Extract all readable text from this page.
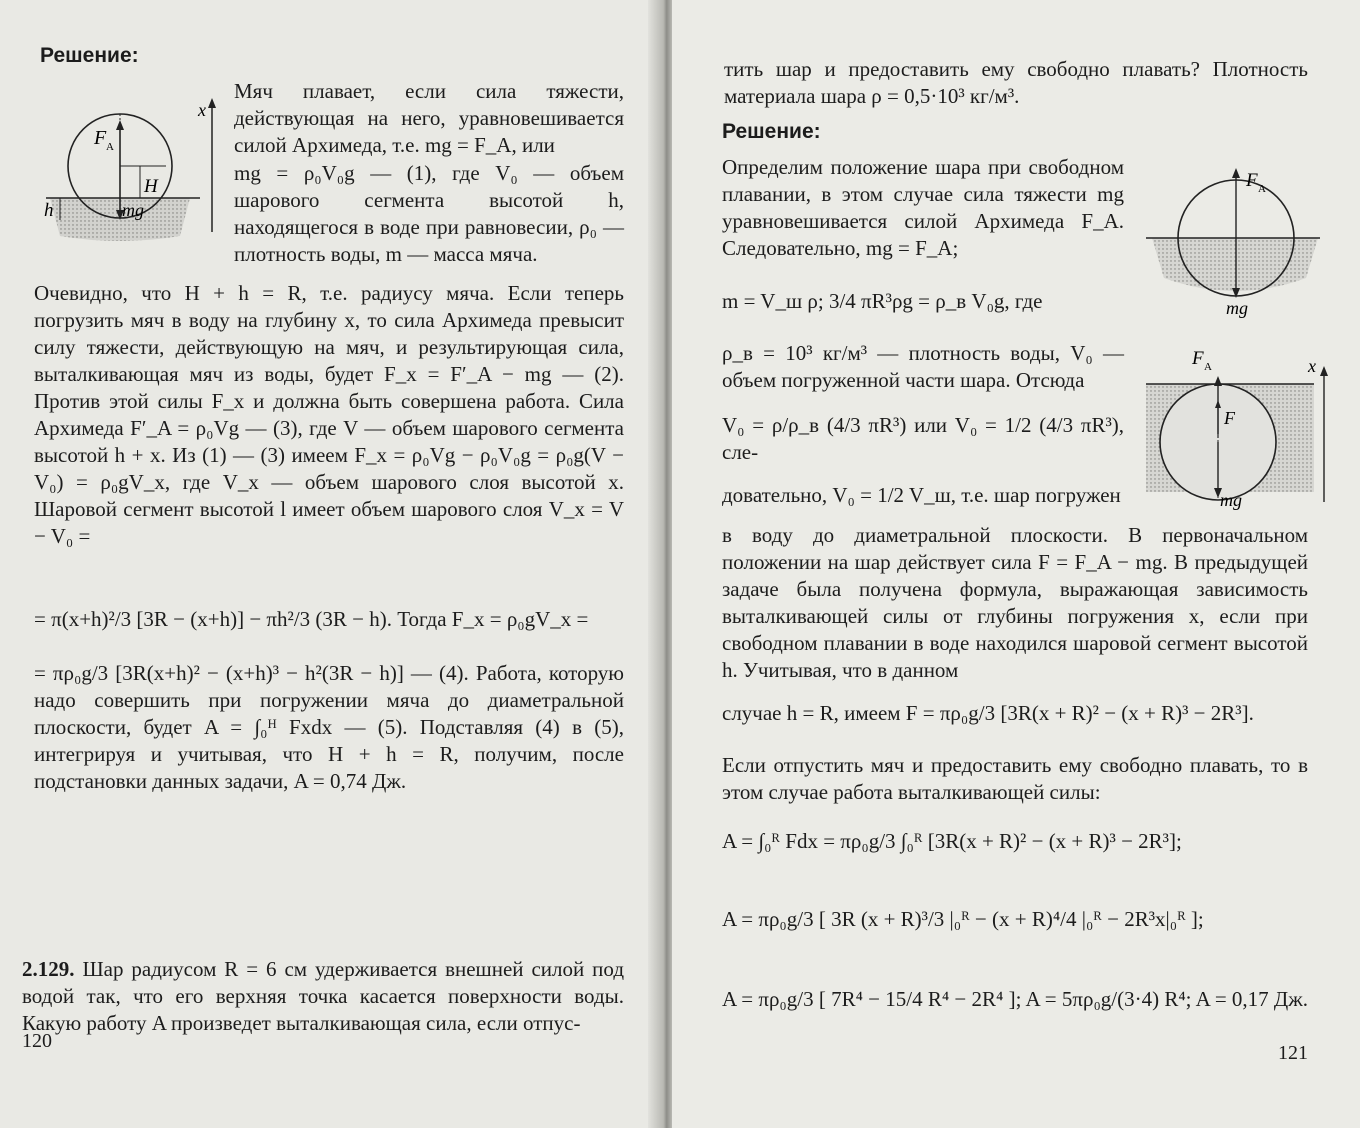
Решение:
F A
H
h	mg
x

Мяч плавает, если сила тяжести, действующая на него, уравновешивается силой Архимеда, т.е. mg = F_A, или

mg = ρ₀V₀g — (1), где V₀ — объем шарового сегмента высотой h, находящегося в воде при равновесии, ρ₀ — плотность воды, m — масса мяча.

Очевидно, что H + h = R, т.е. радиусу мяча. Если теперь погрузить мяч в воду на глубину x, то сила Архимеда превысит силу тяжести, действующую на мяч, и результирующая сила, выталкивающая мяч из воды, будет F_x = F′_A − mg — (2). Против этой силы F_x и должна быть совершена работа. Сила Архимеда F′_A = ρ₀Vg — (3), где V — объем шарового сегмента высотой h + x. Из (1) — (3) имеем F_x = ρ₀Vg − ρ₀V₀g = ρ₀g(V − V₀) = ρ₀gV_x, где V_x — объем шарового слоя высотой x. Шаровой сегмент высотой l имеет объем шарового слоя V_x = V − V₀ =

= π(x+h)²/3 [3R − (x+h)] − πh²/3 (3R − h). Тогда F_x = ρ₀gV_x =

= πρ₀g/3 [3R(x+h)² − (x+h)³ − h²(3R − h)] — (4). Работа, которую надо совершить при погружении мяча до диаметральной плоскости, будет A = ∫₀ᴴ Fxdx — (5). Подставляя (4) в (5), интегрируя и учитывая, что H + h = R, получим, после подстановки данных задачи, A = 0,74 Дж.

2.129. Шар радиусом R = 6 см удерживается внешней силой под водой так, что его верхняя точка касается поверхности воды. Какую работу A произведет выталкивающая сила, если отпус-

120
тить шар и предоставить ему свободно плавать? Плотность материала шара ρ = 0,5·10³ кг/м³.
Решение:

Определим положение шара при свободном плавании, в этом случае сила тяжести mg уравновешивается силой Архимеда F_A. Следовательно, mg = F_A;

m = V_ш ρ; 3/4 πR³ρg = ρ_в V₀g, где

ρ_в = 10³ кг/м³ — плотность воды, V₀ — объем погруженной части шара. Отсюда

V₀ = ρ/ρ_в (4/3 πR³) или V₀ = 1/2 (4/3 πR³), сле-

довательно, V₀ = 1/2 V_ш, т.е. шар погружен

в воду до диаметральной плоскости. В первоначальном положении на шар действует сила F = F_A − mg. В предыдущей задаче была получена формула, выражающая зависимость выталкивающей силы от глубины погружения x, если при свободном плавании в воде находился шаровой сегмент высотой h. Учитывая, что в данном

случае h = R, имеем F = πρ₀g/3 [3R(x + R)² − (x + R)³ − 2R³].

Если отпустить мяч и предоставить ему свободно плавать, то в этом случае работа выталкивающей силы:

A = ∫₀ᴿ Fdx = πρ₀g/3 ∫₀ᴿ [3R(x + R)² − (x + R)³ − 2R³];

A = πρ₀g/3 [ 3R (x + R)³/3 |₀ᴿ − (x + R)⁴/4 |₀ᴿ − 2R³x|₀ᴿ ];

A = πρ₀g/3 [ 7R⁴ − 15/4 R⁴ − 2R⁴ ]; A = 5πρ₀g/(3·4) R⁴; A = 0,17 Дж.

F A
mg
F A
F
mg
x
121
